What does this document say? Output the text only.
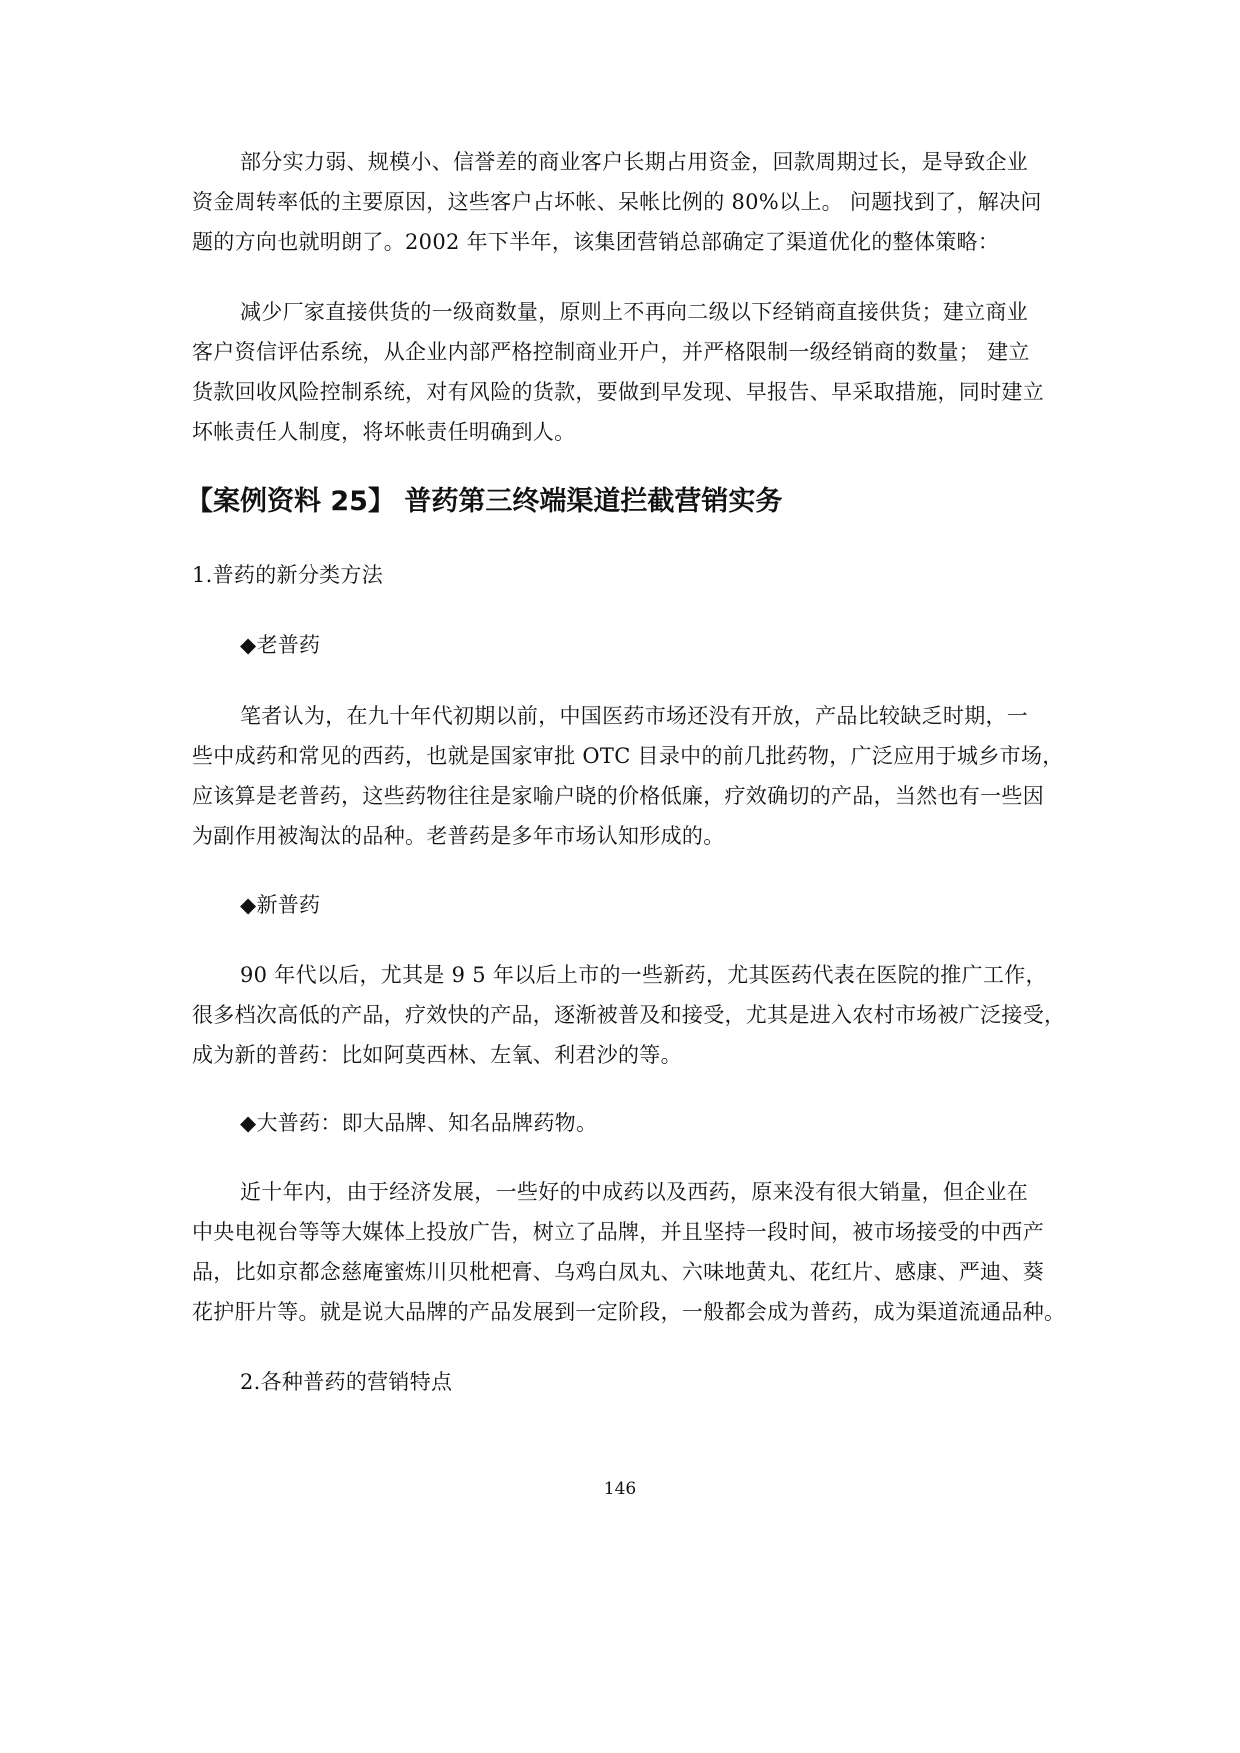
部分实力弱、规模小、信誉差的商业客户长期占用资金，回款周期过长，是导致企业
资金周转率低的主要原因，这些客户占坏帐、呆帐比例的 80%以上。 问题找到了，解决问
题的方向也就明朗了。2002 年下半年，该集团营销总部确定了渠道优化的整体策略：
减少厂家直接供货的一级商数量，原则上不再向二级以下经销商直接供货；建立商业
客户资信评估系统，从企业内部严格控制商业开户，并严格限制一级经销商的数量； 建立
货款回收风险控制系统，对有风险的货款，要做到早发现、早报告、早采取措施，同时建立
坏帐责任人制度，将坏帐责任明确到人。
【案例资料 25】 普药第三终端渠道拦截营销实务
1.普药的新分类方法
◆老普药
笔者认为，在九十年代初期以前，中国医药市场还没有开放，产品比较缺乏时期，一
些中成药和常见的西药，也就是国家审批 OTC 目录中的前几批药物，广泛应用于城乡市场，
应该算是老普药，这些药物往往是家喻户晓的价格低廉，疗效确切的产品，当然也有一些因
为副作用被淘汰的品种。老普药是多年市场认知形成的。
◆新普药
90 年代以后，尤其是 9 5 年以后上市的一些新药，尤其医药代表在医院的推广工作，
很多档次高低的产品，疗效快的产品，逐渐被普及和接受，尤其是进入农村市场被广泛接受，
成为新的普药：比如阿莫西林、左氧、利君沙的等。
◆大普药：即大品牌、知名品牌药物。
近十年内，由于经济发展，一些好的中成药以及西药，原来没有很大销量，但企业在
中央电视台等等大媒体上投放广告，树立了品牌，并且坚持一段时间，被市场接受的中西产
品，比如京都念慈庵蜜炼川贝枇杷膏、乌鸡白凤丸、六味地黄丸、花红片、感康、严迪、葵
花护肝片等。就是说大品牌的产品发展到一定阶段，一般都会成为普药，成为渠道流通品种。
2.各种普药的营销特点
146
